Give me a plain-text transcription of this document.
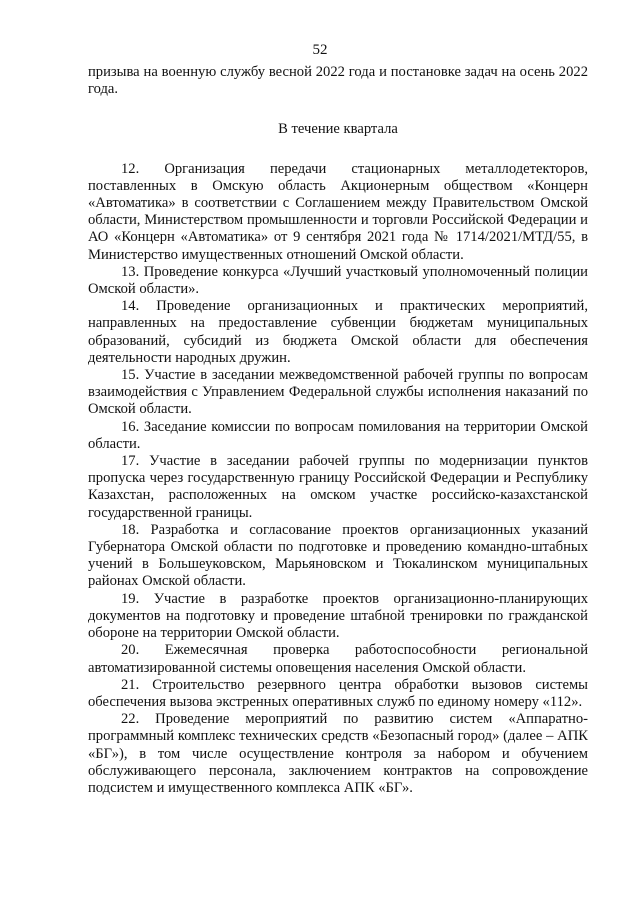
52

призыва на военную службу весной 2022 года и постановке задач на осень 2022 года.

В течение квартала

12. Организация передачи стационарных металлодетекторов, поставленных в Омскую область Акционерным обществом «Концерн «Автоматика» в соответствии с Соглашением между Правительством Омской области, Министерством промышленности и торговли Российской Федерации и АО «Концерн «Автоматика» от 9 сентября 2021 года № 1714/2021/МТД/55, в Министерство имущественных отношений Омской области.

13. Проведение конкурса «Лучший участковый уполномоченный полиции Омской области».

14. Проведение организационных и практических мероприятий, направленных на предоставление субвенции бюджетам муниципальных образований, субсидий из бюджета Омской области для обеспечения деятельности народных дружин.

15. Участие в заседании межведомственной рабочей группы по вопросам взаимодействия с Управлением Федеральной службы исполнения наказаний по Омской области.

16. Заседание комиссии по вопросам помилования на территории Омской области.

17. Участие в заседании рабочей группы по модернизации пунктов пропуска через государственную границу Российской Федерации и Республику Казахстан, расположенных на омском участке российско-казахстанской государственной границы.

18. Разработка и согласование проектов организационных указаний Губернатора Омской области по подготовке и проведению командно-штабных учений в Большеуковском, Марьяновском и Тюкалинском муниципальных районах Омской области.

19. Участие в разработке проектов организационно-планирующих документов на подготовку и проведение штабной тренировки по гражданской обороне на территории Омской области.

20. Ежемесячная проверка работоспособности региональной автоматизированной системы оповещения населения Омской области.

21. Строительство резервного центра обработки вызовов системы обеспечения вызова экстренных оперативных служб по единому номеру «112».

22. Проведение мероприятий по развитию систем «Аппаратно-программный комплекс технических средств «Безопасный город» (далее – АПК «БГ»), в том числе осуществление контроля за набором и обучением обслуживающего персонала, заключением контрактов на сопровождение подсистем и имущественного комплекса АПК «БГ».
